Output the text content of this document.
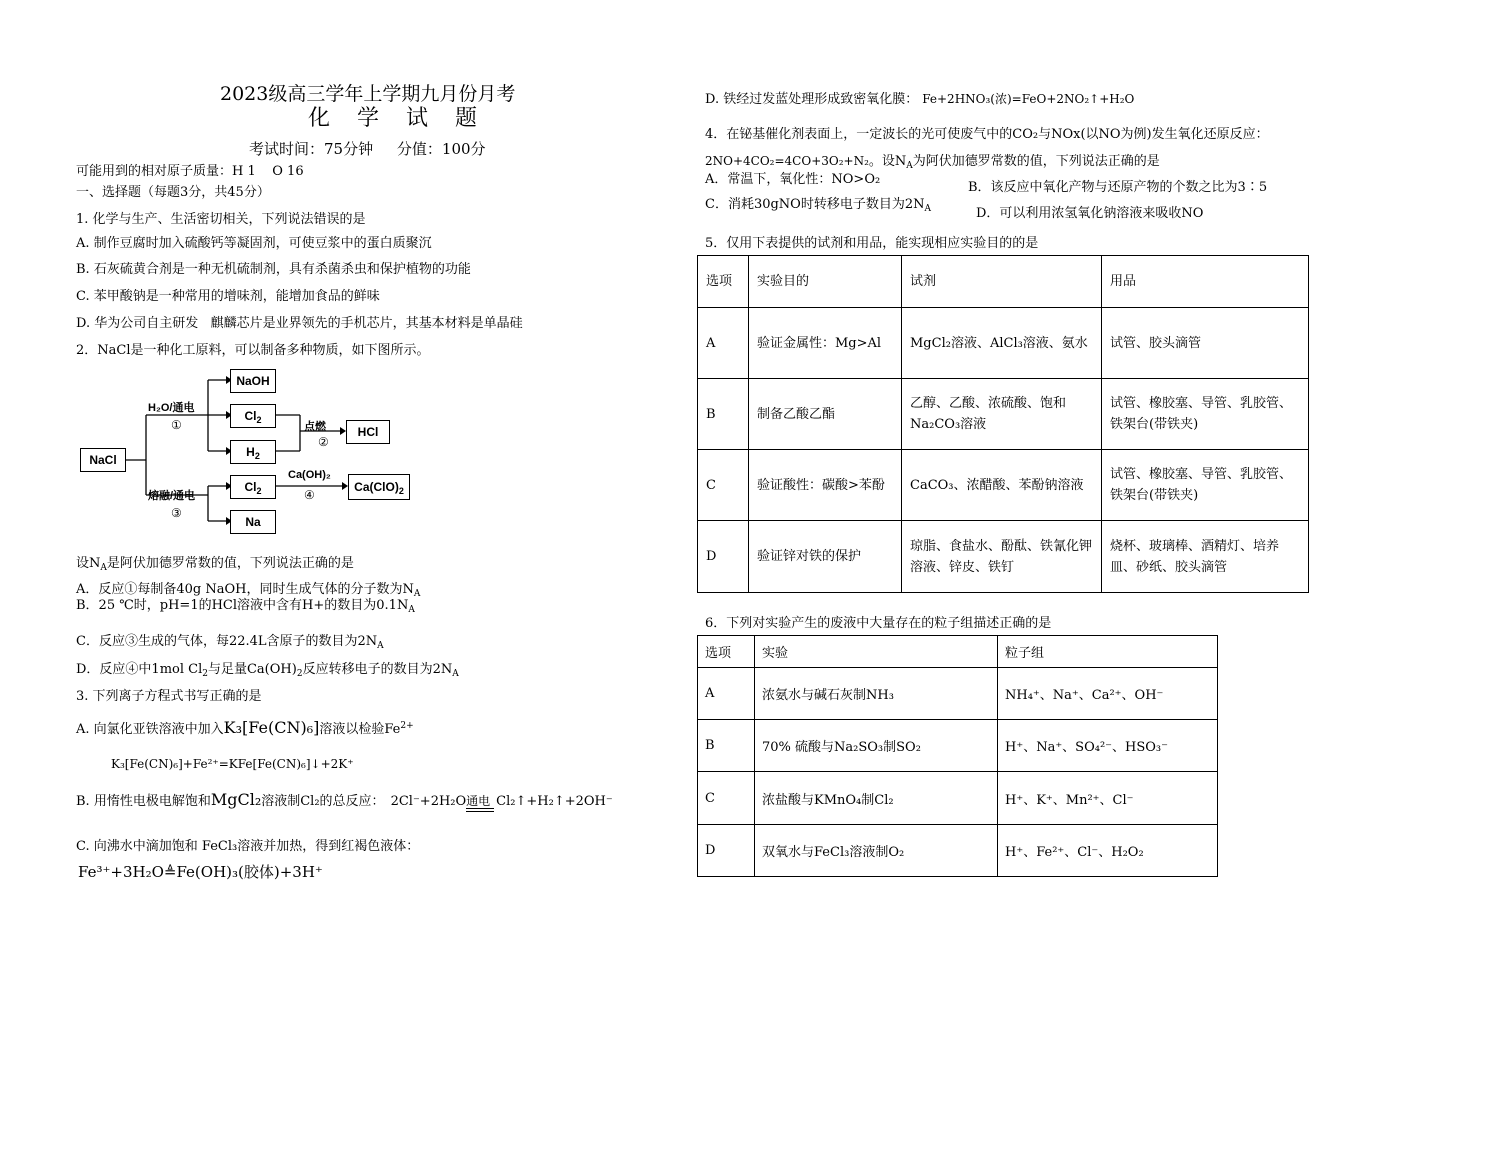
2023级高三学年上学期九月份月考
化 学 试 题
考试时间：75分钟     分值：100分
可能用到的相对原子质量：H 1    O 16
一、选择题（每题3分，共45分）
1. 化学与生产、生活密切相关，下列说法错误的是
A. 制作豆腐时加入硫酸钙等凝固剂，可使豆浆中的蛋白质聚沉
B. 石灰硫黄合剂是一种无机硫制剂，具有杀菌杀虫和保护植物的功能
C. 苯甲酸钠是一种常用的增味剂，能增加食品的鲜味
D. 华为公司自主研发   麒麟芯片是业界领先的手机芯片，其基本材料是单晶硅
2．NaCl是一种化工原料，可以制备多种物质，如下图所示。
NaCl
NaOH
$Cl_2$
$H_2$
HCl
$Cl_2$
Na
$Ca(ClO)_2$
H₂O/通电
①	点燃
②
熔融/通电
③
Ca(OH)₂
④
设$N_A$是阿伏加德罗常数的值，下列说法正确的是
A．反应①每制备40g NaOH，同时生成气体的分子数为$N_A$
B．25 ℃时，pH=1的HCl溶液中含有H+的数目为$0.1N_A$
C．反应③生成的气体，每22.4L含原子的数目为$2N_A$
D．反应④中1mol $Cl_2$与足量$Ca(OH)_2$反应转移电子的数目为$2N_A$
3. 下列离子方程式书写正确的是
A. 向氯化亚铁溶液中加入K₃[Fe(CN)₆]溶液以检验$Fe^{2+}$
K₃[Fe(CN)₆]+Fe²⁺=KFe[Fe(CN)₆]↓+2K⁺
B. 用惰性电极电解饱和MgCl₂溶液制Cl₂的总反应： 2Cl⁻+2H₂O 通电 Cl₂↑+H₂↑+2OH⁻
C. 向沸水中滴加饱和 FeCl₃溶液并加热，得到红褐色液体：
Fe³⁺+3H₂O≜Fe(OH)₃(胶体)+3H⁺
D. 铁经过发蓝处理形成致密氧化膜： Fe+2HNO₃(浓)=FeO+2NO₂↑+H₂O
4．在铋基催化剂表面上，一定波长的光可使废气中的CO₂与NOx(以NO为例)发生氧化还原反应：
2NO+4CO₂=4CO+3O₂+N₂。设$N_A$为阿伏加德罗常数的值，下列说法正确的是
A．常温下，氧化性：NO>O₂
B．该反应中氧化产物与还原产物的个数之比为3∶5
C．消耗30gNO时转移电子数目为$2N_A$	D．可以利用浓氢氧化钠溶液来吸收NO
5．仅用下表提供的试剂和用品，能实现相应实验目的的是
选项	实验目的	试剂	用品
A	验证金属性：Mg>Al	MgCl₂溶液、AlCl₃溶液、氨水	试管、胶头滴管
B	制备乙酸乙酯	乙醇、乙酸、浓硫酸、饱和Na₂CO₃溶液	试管、橡胶塞、导管、乳胶管、铁架台(带铁夹)
C	验证酸性：碳酸>苯酚	CaCO₃、浓醋酸、苯酚钠溶液	试管、橡胶塞、导管、乳胶管、铁架台(带铁夹)
D	验证锌对铁的保护	琼脂、食盐水、酚酞、铁氰化钾溶液、锌皮、铁钉	烧杯、玻璃棒、酒精灯、培养皿、砂纸、胶头滴管
6．下列对实验产生的废液中大量存在的粒子组描述正确的是
选项	实验	粒子组
A	浓氨水与碱石灰制NH₃	NH₄⁺、Na⁺、Ca²⁺、OH⁻
B	70% 硫酸与Na₂SO₃制SO₂	H⁺、Na⁺、SO₄²⁻、HSO₃⁻
C	浓盐酸与KMnO₄制Cl₂	H⁺、K⁺、Mn²⁺、Cl⁻
D	双氧水与FeCl₃溶液制O₂	H⁺、Fe²⁺、Cl⁻、H₂O₂
